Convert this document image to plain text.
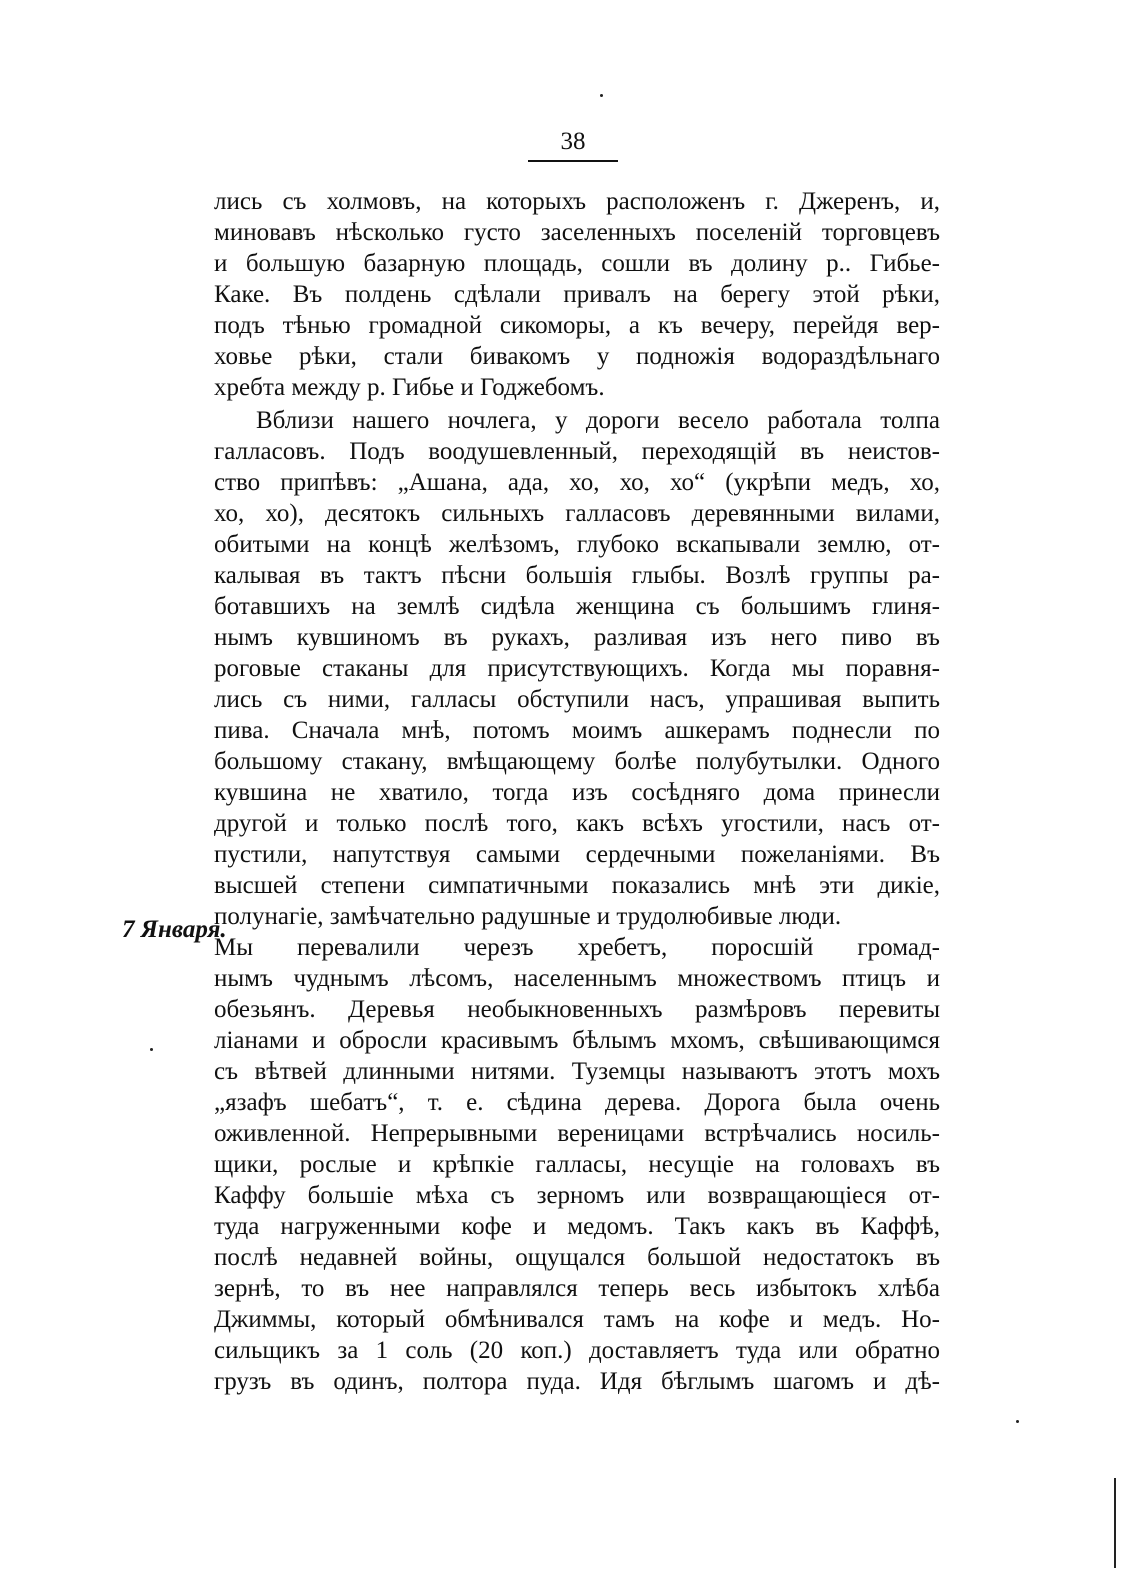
38
7 Января.
лись съ холмовъ, на которыхъ расположенъ г. Джеренъ, и,
миновавъ нѣсколько густо заселенныхъ поселеній торговцевъ
и большую базарную площадь, сошли въ долину р.. Гибье-
Каке. Въ полдень сдѣлали привалъ на берегу этой рѣки,
подъ тѣнью громадной сикоморы, а къ вечеру, перейдя вер-
ховье рѣки, стали бивакомъ у подножія водораздѣльнаго
хребта между р. Гибье и Годжебомъ.
Вблизи нашего ночлега, у дороги весело работала толпа
галласовъ. Подъ воодушевленный, переходящій въ неистов-
ство припѣвъ: „Ашана, ада, хо, хо, хо“ (укрѣпи медъ, хо,
хо, хо), десятокъ сильныхъ галласовъ деревянными вилами,
обитыми на концѣ желѣзомъ, глубоко вскапывали землю, от-
калывая въ тактъ пѣсни большія глыбы. Возлѣ группы ра-
ботавшихъ на землѣ сидѣла женщина съ большимъ глиня-
нымъ кувшиномъ въ рукахъ, разливая изъ него пиво въ
роговые стаканы для присутствующихъ. Когда мы поравня-
лись съ ними, галласы обступили насъ, упрашивая выпить
пива. Сначала мнѣ, потомъ моимъ ашкерамъ поднесли по
большому стакану, вмѣщающему болѣе полубутылки. Одного
кувшина не хватило, тогда изъ сосѣдняго дома принесли
другой и только послѣ того, какъ всѣхъ угостили, насъ от-
пустили, напутствуя самыми сердечными пожеланіями. Въ
высшей степени симпатичными показались мнѣ эти дикіе,
полунагіе, замѣчательно радушные и трудолюбивые люди.
Мы перевалили черезъ хребетъ, поросшій громад-
нымъ чуднымъ лѣсомъ, населеннымъ множествомъ птицъ и
обезьянъ. Деревья необыкновенныхъ размѣровъ перевиты
ліанами и обросли красивымъ бѣлымъ мхомъ, свѣшивающимся
съ вѣтвей длинными нитями. Туземцы называютъ этотъ мохъ
„язафъ шебатъ“, т. е. сѣдина дерева. Дорога была очень
оживленной. Непрерывными вереницами встрѣчались носиль-
щики, рослые и крѣпкіе галласы, несущіе на головахъ въ
Каффу большіе мѣха съ зерномъ или возвращающіеся от-
туда нагруженными кофе и медомъ. Такъ какъ въ Каффѣ,
послѣ недавней войны, ощущался большой недостатокъ въ
зернѣ, то въ нее направлялся теперь весь избытокъ хлѣба
Джиммы, который обмѣнивался тамъ на кофе и медъ. Но-
сильщикъ за 1 соль (20 коп.) доставляетъ туда или обратно
грузъ въ одинъ, полтора пуда. Идя бѣглымъ шагомъ и дѣ-
